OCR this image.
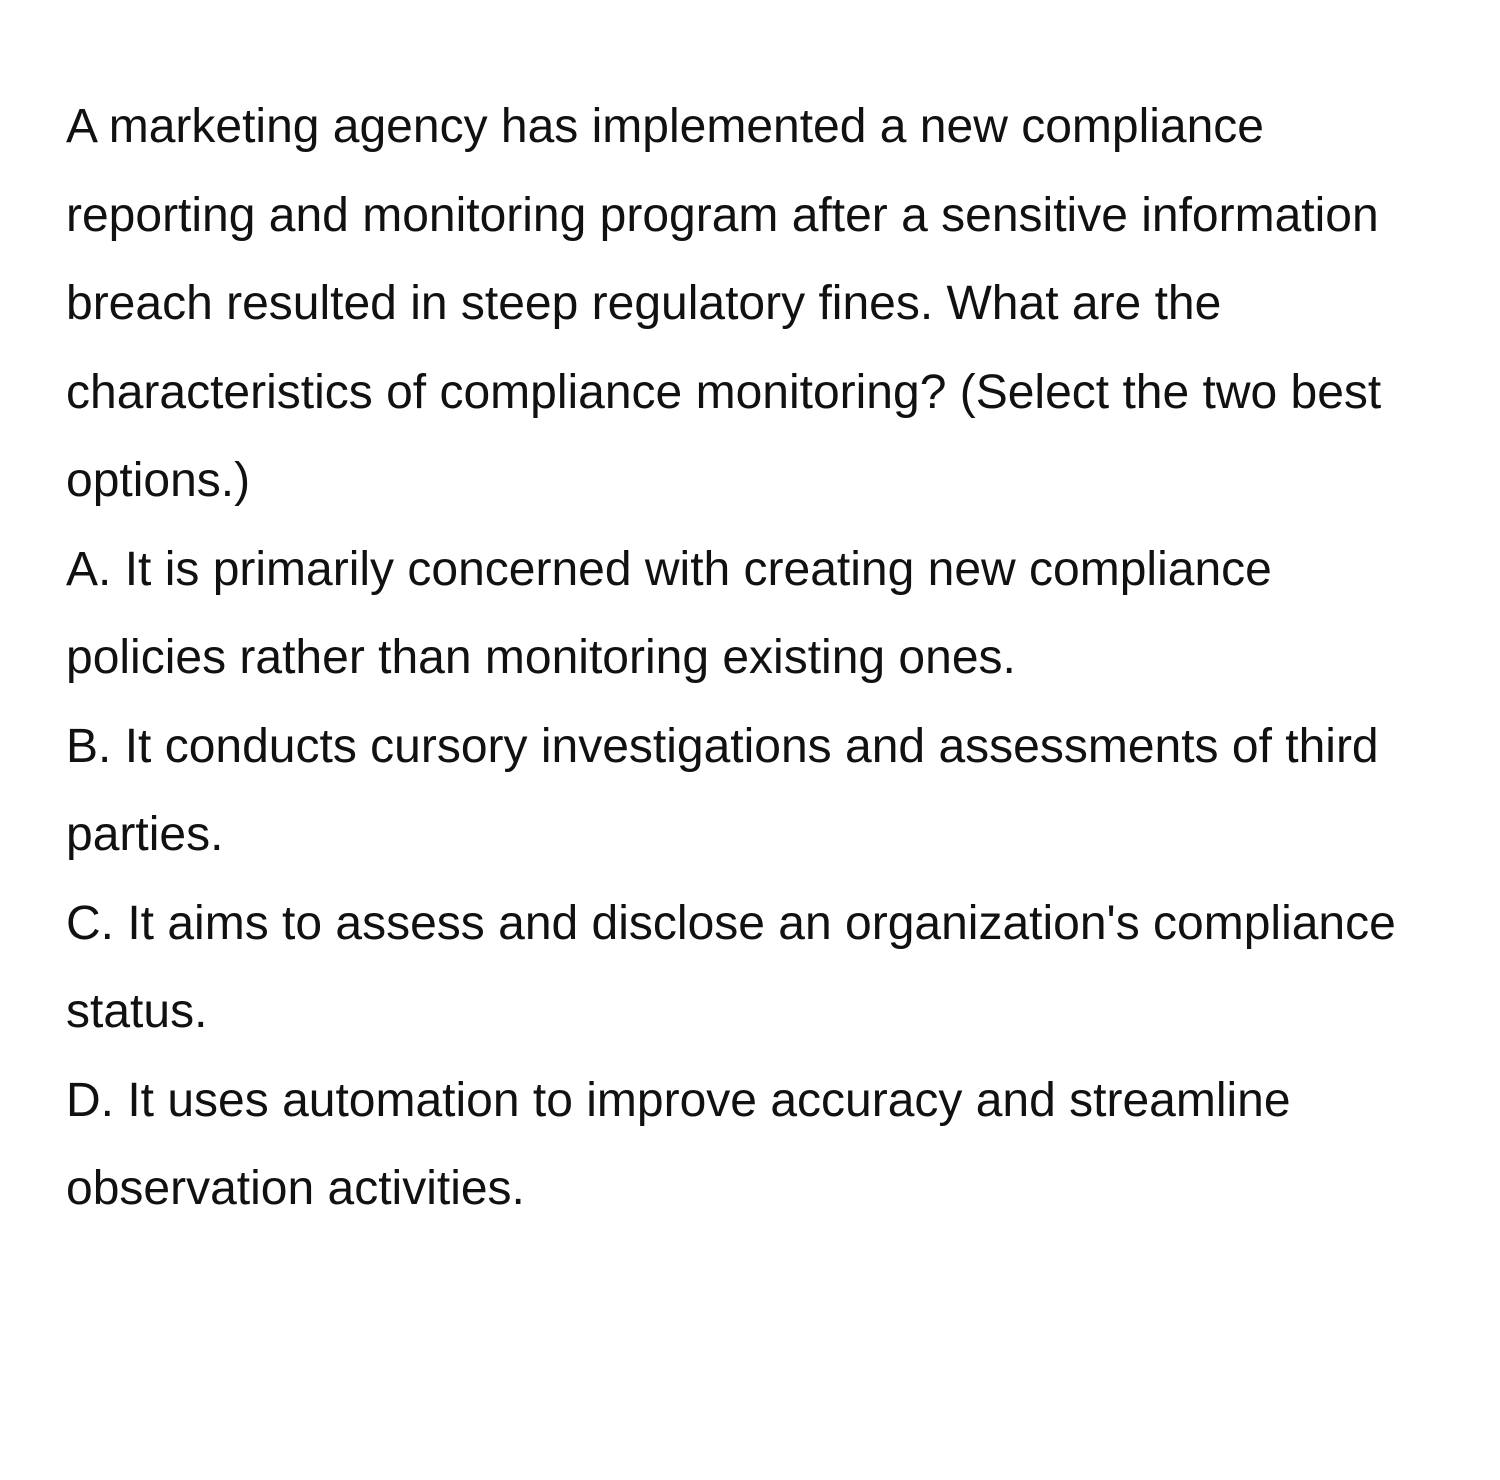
A marketing agency has implemented a new compliance reporting and monitoring program after a sensitive information breach resulted in steep regulatory fines. What are the characteristics of compliance monitoring? (Select the two best options.)

A. It is primarily concerned with creating new compliance policies rather than monitoring existing ones.

B. It conducts cursory investigations and assessments of third parties.

C. It aims to assess and disclose an organization's compliance status.

D. It uses automation to improve accuracy and streamline observation activities.
